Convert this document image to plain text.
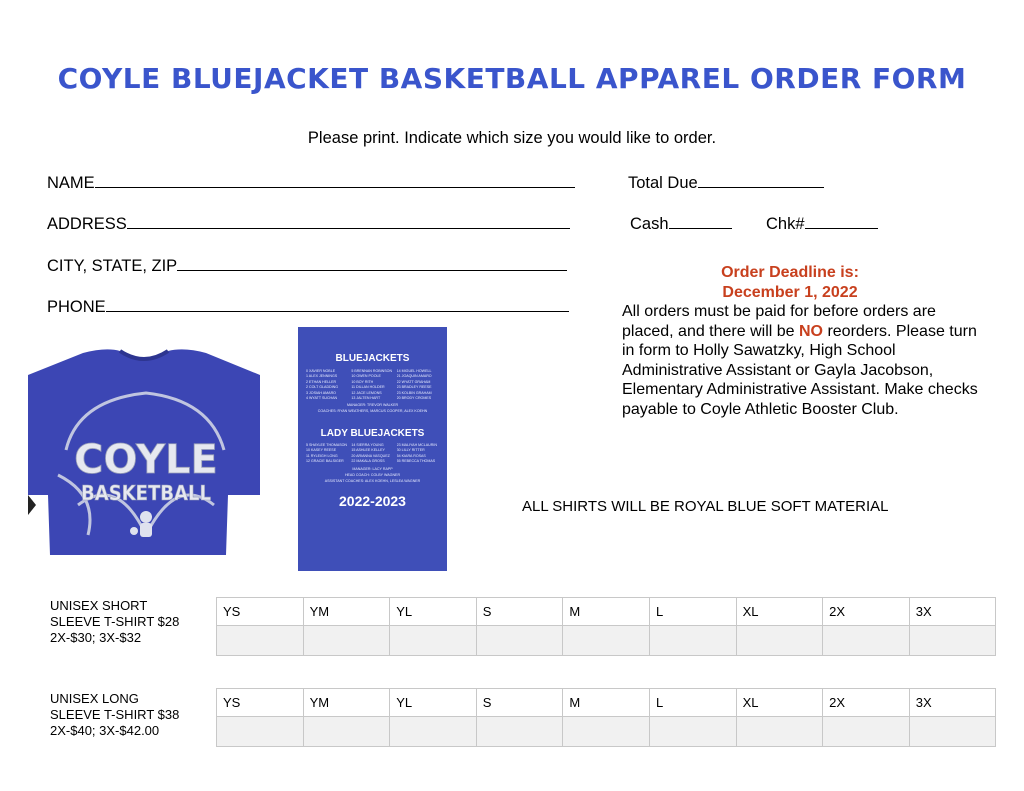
COYLE BLUEJACKET BASKETBALL APPAREL ORDER FORM
Please print. Indicate which size you would like to order.
NAME
ADDRESS
CITY, STATE, ZIP
PHONE
Total Due
Cash	Chk#
Order Deadline is:
December 1, 2022
All orders must be paid for before orders are placed, and there will be NO reorders. Please turn in form to Holly Sawatzky, High School Administrative Assistant or Gayla Jacobson, Elementary Administrative Assistant. Make checks payable to Coyle Athletic Booster Club.
COYLE
BASKETBALL
BLUEJACKETS
0 XAVIER NOBLE	5 BRENNAN ROBINSON	14 MIGUEL HOWELL
1 ALEX JENNINGS	10 OWEN POOLE	21 JOAQUIN AMARO
2 ETHAN HELLER	10 BOY RITH	22 WYATT GRAHAM
2 COLT GLADDING	11 DILLAN HOLDER	23 BRADLEY REESE
3 JOSIAH AMARO	12 JACE LEMONS	23 KOLBIN GRAHAM
4 WYATT SUCHAN	13 JALTEN HART	20 BRODY CROMES
MANAGER: TREVOR WALKER
COACHES: RYAN WEATHERS, MARCUS COOPER, ALEX KOEHN
LADY BLUEJACKETS
5 SHAYLEE THOMASON	14 SIERRA YOUNG	23 MALIYAH MCLAURIN
10 KASEY REESE	15 ASHLEE KELLEY	30 LILLY RITTER
11 RYLEIGH LONG	20 ARIANNA VASQUEZ	54 KIARA ROSAS
12 GRACIE BALSIGER	22 MAKALA GROSS	55 REBECCA THOMAS
MANAGER: LACY RAPP
HEAD COACH: COLBY WAGNER
ASSISTANT COACHES: ALEX KOEHN, LESLEA WAGNER
2022-2023	ALL SHIRTS WILL BE ROYAL BLUE SOFT MATERIAL
UNISEX SHORT
SLEEVE T-SHIRT $28
2X-$30; 3X-$32
YS	YM	YL	S	M	L	XL	2X	3X

UNISEX LONG
SLEEVE T-SHIRT $38
2X-$40; 3X-$42.00
YS	YM	YL	S	M	L	XL	2X	3X
